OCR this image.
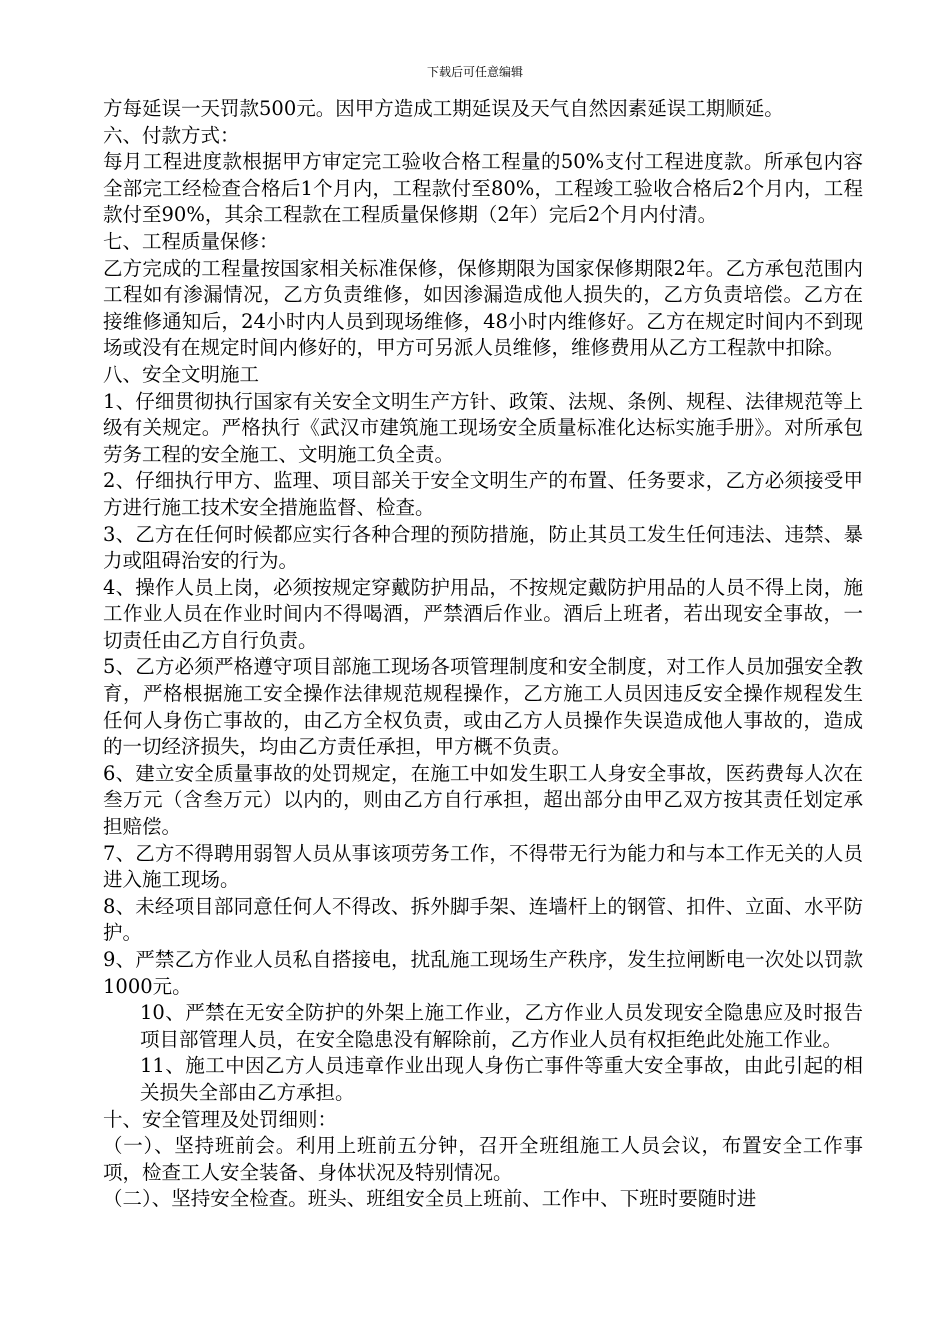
下载后可任意编辑

方每延误一天罚款500元。因甲方造成工期延误及天气自然因素延误工期顺延。

六、付款方式：

每月工程进度款根据甲方审定完工验收合格工程量的50%支付工程进度款。所承包内容全部完工经检查合格后1个月内，工程款付至80%，工程竣工验收合格后2个月内，工程款付至90%，其余工程款在工程质量保修期（2年）完后2个月内付清。

七、工程质量保修：

乙方完成的工程量按国家相关标准保修，保修期限为国家保修期限2年。乙方承包范围内工程如有渗漏情况，乙方负责维修，如因渗漏造成他人损失的，乙方负责培偿。乙方在接维修通知后，24小时内人员到现场维修，48小时内维修好。乙方在规定时间内不到现场或没有在规定时间内修好的，甲方可另派人员维修，维修费用从乙方工程款中扣除。

八、安全文明施工

1、仔细贯彻执行国家有关安全文明生产方针、政策、法规、条例、规程、法律规范等上级有关规定。严格执行《武汉市建筑施工现场安全质量标准化达标实施手册》。对所承包劳务工程的安全施工、文明施工负全责。

2、仔细执行甲方、监理、项目部关于安全文明生产的布置、任务要求，乙方必须接受甲方进行施工技术安全措施监督、检查。

3、乙方在任何时候都应实行各种合理的预防措施，防止其员工发生任何违法、违禁、暴力或阻碍治安的行为。

4、操作人员上岗，必须按规定穿戴防护用品，不按规定戴防护用品的人员不得上岗，施工作业人员在作业时间内不得喝酒，严禁酒后作业。酒后上班者，若出现安全事故，一切责任由乙方自行负责。

5、乙方必须严格遵守项目部施工现场各项管理制度和安全制度，对工作人员加强安全教育，严格根据施工安全操作法律规范规程操作，乙方施工人员因违反安全操作规程发生任何人身伤亡事故的，由乙方全权负责，或由乙方人员操作失误造成他人事故的，造成的一切经济损失，均由乙方责任承担，甲方概不负责。

6、建立安全质量事故的处罚规定，在施工中如发生职工人身安全事故，医药费每人次在叁万元（含叁万元）以内的，则由乙方自行承担，超出部分由甲乙双方按其责任划定承担赔偿。

7、乙方不得聘用弱智人员从事该项劳务工作，不得带无行为能力和与本工作无关的人员进入施工现场。

8、未经项目部同意任何人不得改、拆外脚手架、连墙杆上的钢管、扣件、立面、水平防护。

9、严禁乙方作业人员私自搭接电，扰乱施工现场生产秩序，发生拉闸断电一次处以罚款1000元。

10、严禁在无安全防护的外架上施工作业，乙方作业人员发现安全隐患应及时报告项目部管理人员，在安全隐患没有解除前，乙方作业人员有权拒绝此处施工作业。

11、施工中因乙方人员违章作业出现人身伤亡事件等重大安全事故，由此引起的相关损失全部由乙方承担。

十、安全管理及处罚细则：

（一）、坚持班前会。利用上班前五分钟，召开全班组施工人员会议，布置安全工作事项，检查工人安全装备、身体状况及特别情况。

（二）、坚持安全检查。班头、班组安全员上班前、工作中、下班时要随时进
